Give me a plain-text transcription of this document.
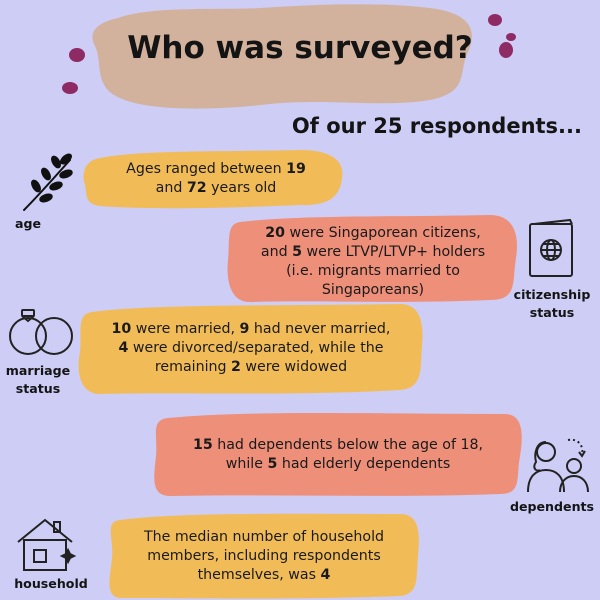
Who was surveyed?
Of our 25 respondents...
Ages ranged between 19
and 72 years old
20 were Singaporean citizens,
and 5 were LTVP/LTVP+ holders
(i.e. migrants married to
Singaporeans)
10 were married, 9 had never married,
4 were divorced/separated, while the
remaining 2 were widowed
15 had dependents below the age of 18,
while 5 had elderly dependents
The median number of household
members, including respondents
themselves, was 4
age
citizenship
status
marriage
status
dependents
household
